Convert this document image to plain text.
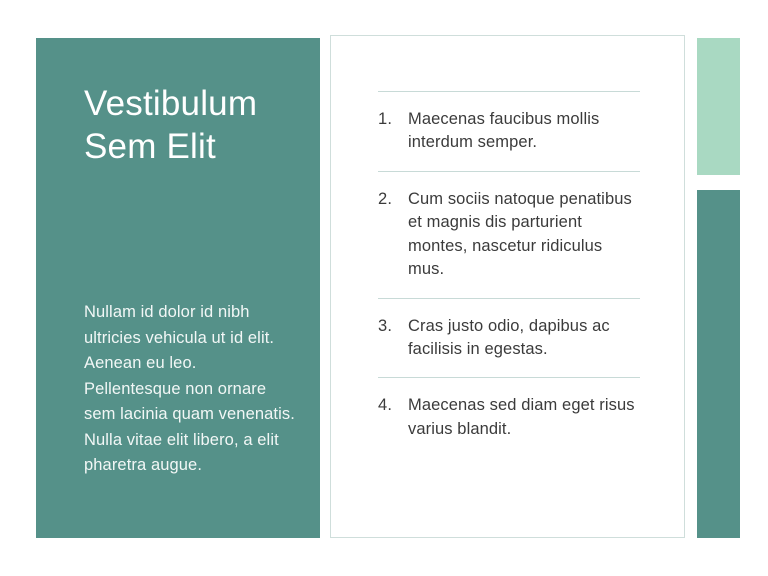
Vestibulum Sem Elit
Nullam id dolor id nibh ultricies vehicula ut id elit. Aenean eu leo. Pellentesque non ornare sem lacinia quam venenatis. Nulla vitae elit libero, a elit pharetra augue.
1. Maecenas faucibus mollis interdum semper.
2. Cum sociis natoque penatibus et magnis dis parturient montes, nascetur ridiculus mus.
3. Cras justo odio, dapibus ac facilisis in egestas.
4. Maecenas sed diam eget risus varius blandit.
